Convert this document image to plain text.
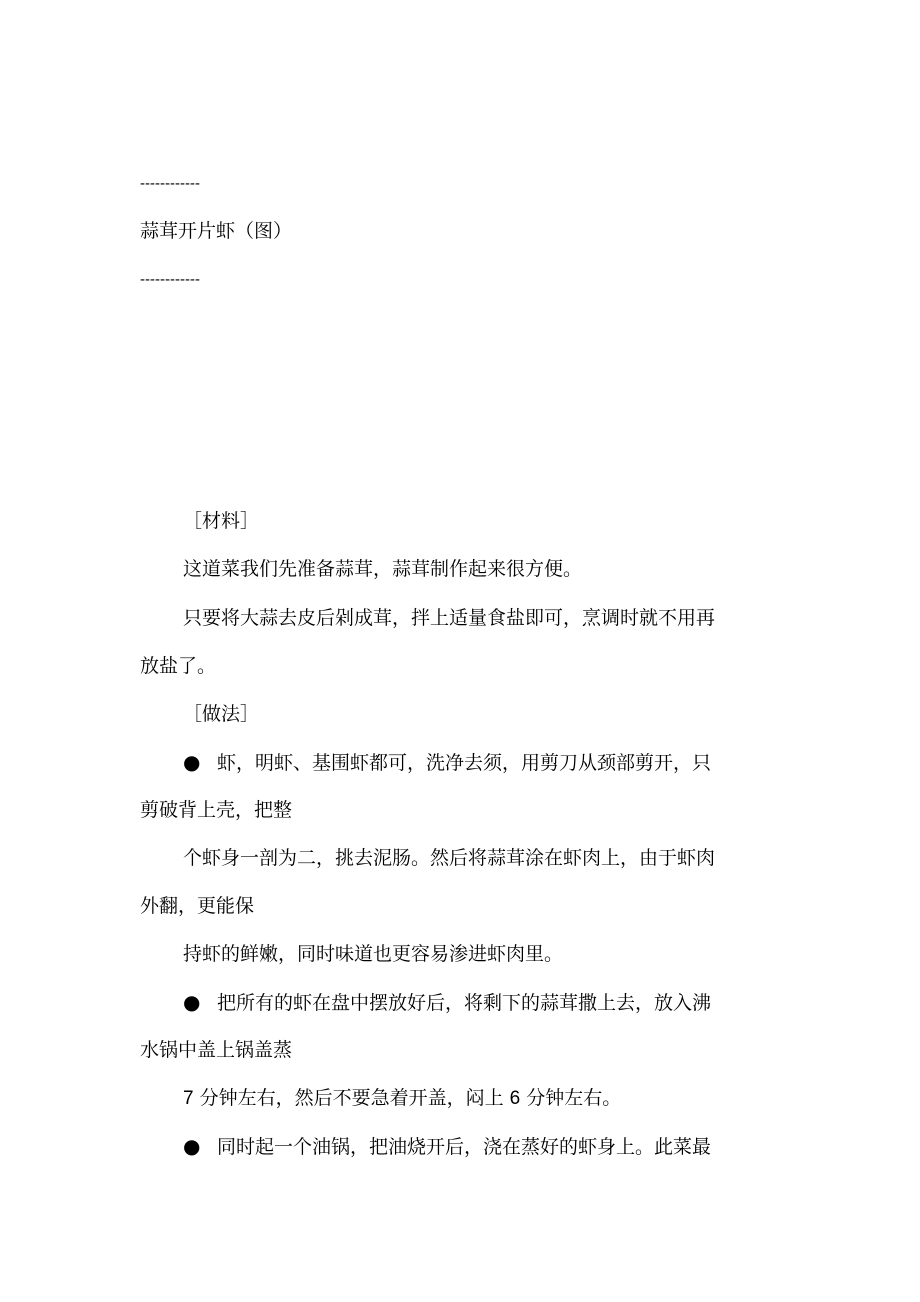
------------
蒜茸开片虾（图）
------------
［材料］
这道菜我们先准备蒜茸，蒜茸制作起来很方便。
只要将大蒜去皮后剁成茸，拌上适量食盐即可，烹调时就不用再
放盐了。
［做法］
● 虾，明虾、基围虾都可，洗净去须，用剪刀从颈部剪开，只
剪破背上壳，把整
个虾身一剖为二，挑去泥肠。然后将蒜茸涂在虾肉上，由于虾肉
外翻，更能保
持虾的鲜嫩，同时味道也更容易渗进虾肉里。
● 把所有的虾在盘中摆放好后，将剩下的蒜茸撒上去，放入沸
水锅中盖上锅盖蒸
7 分钟左右，然后不要急着开盖，闷上 6 分钟左右。
● 同时起一个油锅，把油烧开后，浇在蒸好的虾身上。此菜最
